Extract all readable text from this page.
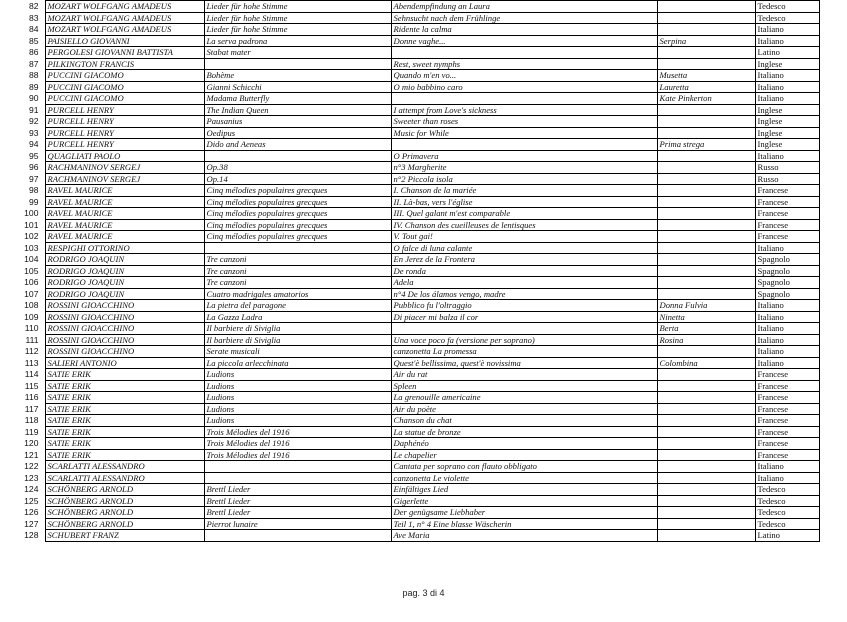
82	MOZART WOLFGANG AMADEUS	Lieder für hohe Stimme	Abendempfindung an Laura		Tedesco
83	MOZART WOLFGANG AMADEUS	Lieder für hohe Stimme	Sehnsucht nach dem Frühlinge		Tedesco
84	MOZART WOLFGANG AMADEUS	Lieder für hohe Stimme	Ridente la calma		Italiano
85	PAISIELLO GIOVANNI	La serva padrona	Donne vaghe...	Serpina	Italiano
86	PERGOLESI GIOVANNI BATTISTA	Stabat mater			Latino
87	PILKINGTON FRANCIS		Rest, sweet nymphs		Inglese
88	PUCCINI GIACOMO	Bohème	Quando m'en vo...	Musetta	Italiano
89	PUCCINI GIACOMO	Gianni Schicchi	O mio babbino caro	Lauretta	Italiano
90	PUCCINI GIACOMO	Madama Butterfly		Kate Pinkerton	Italiano
91	PURCELL HENRY	The Indian Queen	I attempt from Love's sickness		Inglese
92	PURCELL HENRY	Pausanius	Sweeter than roses		Inglese
93	PURCELL HENRY	Oedipus	Music for While		Inglese
94	PURCELL HENRY	Dido and Aeneas		Prima strega	Inglese
95	QUAGLIATI PAOLO		O Primavera		Italiano
96	RACHMANINOV SERGEJ	Op.38	n°3 Margherite		Russo
97	RACHMANINOV SERGEJ	Op.14	n°2 Piccola isola		Russo
98	RAVEL MAURICE	Cinq mélodies populaires grecques	I. Chanson de la mariée		Francese
99	RAVEL MAURICE	Cinq mélodies populaires grecques	II. Là-bas, vers l'église		Francese
100	RAVEL MAURICE	Cinq mélodies populaires grecques	III. Quel galant m'est comparable		Francese
101	RAVEL MAURICE	Cinq mélodies populaires grecques	IV. Chanson des cueilleuses de lentisques		Francese
102	RAVEL MAURICE	Cinq mélodies populaires grecques	V. Tout gai!		Francese
103	RESPIGHI OTTORINO		O falce di luna calante		Italiano
104	RODRIGO JOAQUIN	Tre canzoni	En Jerez de la Frontera		Spagnolo
105	RODRIGO JOAQUIN	Tre canzoni	De ronda		Spagnolo
106	RODRIGO JOAQUIN	Tre canzoni	Adela		Spagnolo
107	RODRIGO JOAQUIN	Cuatro madrigales amatorios	n°4 De los álamos vengo, madre		Spagnolo
108	ROSSINI GIOACCHINO	La pietra del paragone	Pubblico fu l'oltraggio	Donna Fulvia	Italiano
109	ROSSINI GIOACCHINO	La Gazza Ladra	Di piacer mi balza il cor	Ninetta	Italiano
110	ROSSINI GIOACCHINO	Il barbiere di Siviglia		Berta	Italiano
111	ROSSINI GIOACCHINO	Il barbiere di Siviglia	Una voce poco fa (versione per soprano)	Rosina	Italiano
112	ROSSINI GIOACCHINO	Serate musicali	canzonetta La promessa		Italiano
113	SALIERI ANTONIO	La piccola arlecchinata	Quest'è bellissima, quest'è novissima	Colombina	Italiano
114	SATIE ERIK	Ludions	Air du rat		Francese
115	SATIE ERIK	Ludions	Spleen		Francese
116	SATIE ERIK	Ludions	La grenouille americaine		Francese
117	SATIE ERIK	Ludions	Air du poète		Francese
118	SATIE ERIK	Ludions	Chanson du chat		Francese
119	SATIE ERIK	Trois Mélodies del 1916	La statue de bronze		Francese
120	SATIE ERIK	Trois Mélodies del 1916	Daphénéo		Francese
121	SATIE ERIK	Trois Mélodies del 1916	Le chapelier		Francese
122	SCARLATTI ALESSANDRO		Cantata per soprano con flauto obbligato		Italiano
123	SCARLATTI ALESSANDRO		canzonetta Le violette		Italiano
124	SCHÖNBERG ARNOLD	Brettl Lieder	Einfältiges Lied		Tedesco
125	SCHÖNBERG ARNOLD	Brettl Lieder	Gigerlette		Tedesco
126	SCHÖNBERG ARNOLD	Brettl Lieder	Der genügsame Liebhaber		Tedesco
127	SCHÖNBERG ARNOLD	Pierrot lunaire	Teil 1, n° 4 Eine blasse Wäscherin		Tedesco
128	SCHUBERT FRANZ		Ave Maria		Latino
pag. 3 di 4
